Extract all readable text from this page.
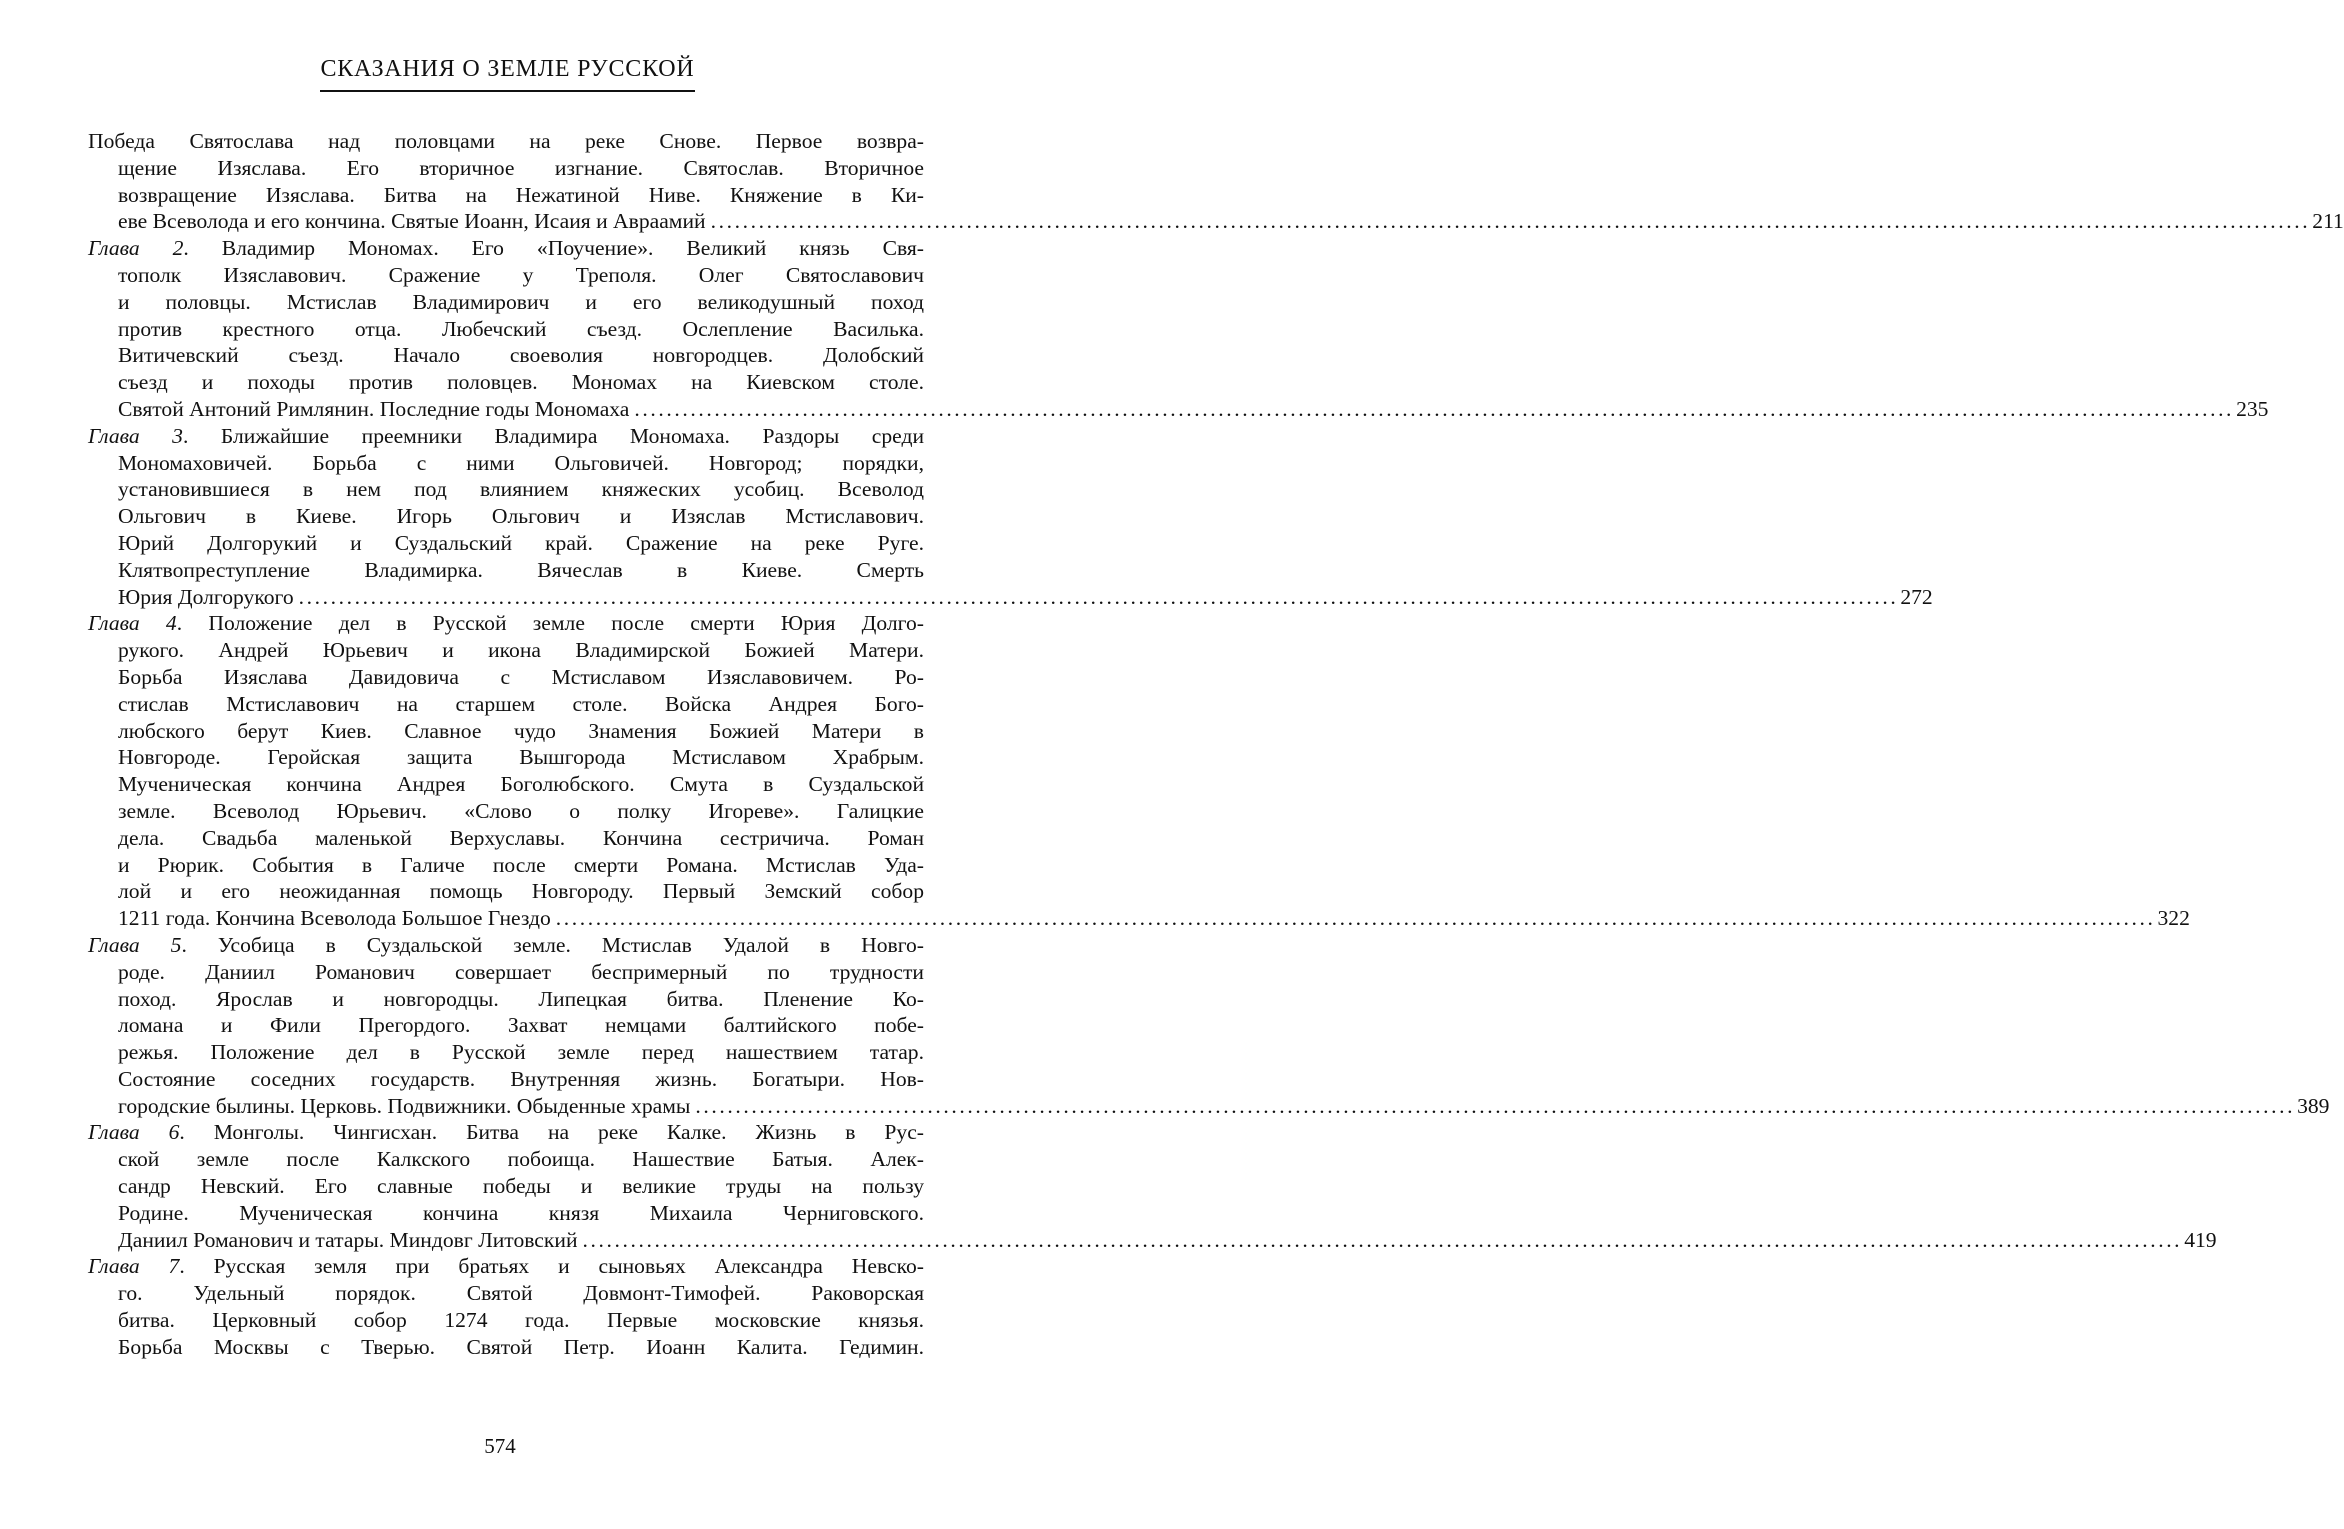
СКАЗАНИЯ О ЗЕМЛЕ РУССКОЙ
Победа Святослава над половцами на реке Снове. Первое возвра-
щение Изяслава. Его вторичное изгнание. Святослав. Вторичное
возвращение Изяслава. Битва на Нежатиной Ниве. Княжение в Ки-
еве Всеволода и его кончина. Святые Иоанн, Исаия и Авраамий ........................................................................................................................................................................................................ 211
Глава 2. Владимир Мономах. Его «Поучение». Великий князь Свя-
тополк Изяславович. Сражение у Треполя. Олег Святославович
и половцы. Мстислав Владимирович и его великодушный поход
против крестного отца. Любечский съезд. Ослепление Василька.
Витичевский съезд. Начало своеволия новгородцев. Долобский
съезд и походы против половцев. Мономах на Киевском столе.
Святой Антоний Римлянин. Последние годы Мономаха ........................................................................................................................................................................................................ 235
Глава 3. Ближайшие преемники Владимира Мономаха. Раздоры среди
Мономаховичей. Борьба с ними Ольговичей. Новгород; порядки,
установившиеся в нем под влиянием княжеских усобиц. Всеволод
Ольгович в Киеве. Игорь Ольгович и Изяслав Мстиславович.
Юрий Долгорукий и Суздальский край. Сражение на реке Руге.
Клятвопреступление Владимирка. Вячеслав в Киеве. Смерть
Юрия Долгорукого ........................................................................................................................................................................................................ 272
Глава 4. Положение дел в Русской земле после смерти Юрия Долго-
рукого. Андрей Юрьевич и икона Владимирской Божией Матери.
Борьба Изяслава Давидовича с Мстиславом Изяславовичем. Ро-
стислав Мстиславович на старшем столе. Войска Андрея Бого-
любского берут Киев. Славное чудо Знамения Божией Матери в
Новгороде. Геройская защита Вышгорода Мстиславом Храбрым.
Мученическая кончина Андрея Боголюбского. Смута в Суздальской
земле. Всеволод Юрьевич. «Слово о полку Игореве». Галицкие
дела. Свадьба маленькой Верхуславы. Кончина сестричича. Роман
и Рюрик. События в Галиче после смерти Романа. Мстислав Уда-
лой и его неожиданная помощь Новгороду. Первый Земский собор
1211 года. Кончина Всеволода Большое Гнездо ........................................................................................................................................................................................................ 322
Глава 5. Усобица в Суздальской земле. Мстислав Удалой в Новго-
роде. Даниил Романович совершает беспримерный по трудности
поход. Ярослав и новгородцы. Липецкая битва. Пленение Ко-
ломана и Фили Прегордого. Захват немцами балтийского побе-
режья. Положение дел в Русской земле перед нашествием татар.
Состояние соседних государств. Внутренняя жизнь. Богатыри. Нов-
городские былины. Церковь. Подвижники. Обыденные храмы ........................................................................................................................................................................................................ 389
Глава 6. Монголы. Чингисхан. Битва на реке Калке. Жизнь в Рус-
ской земле после Калкского побоища. Нашествие Батыя. Алек-
сандр Невский. Его славные победы и великие труды на пользу
Родине. Мученическая кончина князя Михаила Черниговского.
Даниил Романович и татары. Миндовг Литовский ........................................................................................................................................................................................................ 419
Глава 7. Русская земля при братьях и сыновьях Александра Невско-
го. Удельный порядок. Святой Довмонт-Тимофей. Раковорская
битва. Церковный собор 1274 года. Первые московские князья.
Борьба Москвы с Тверью. Святой Петр. Иоанн Калита. Гедимин.
574
